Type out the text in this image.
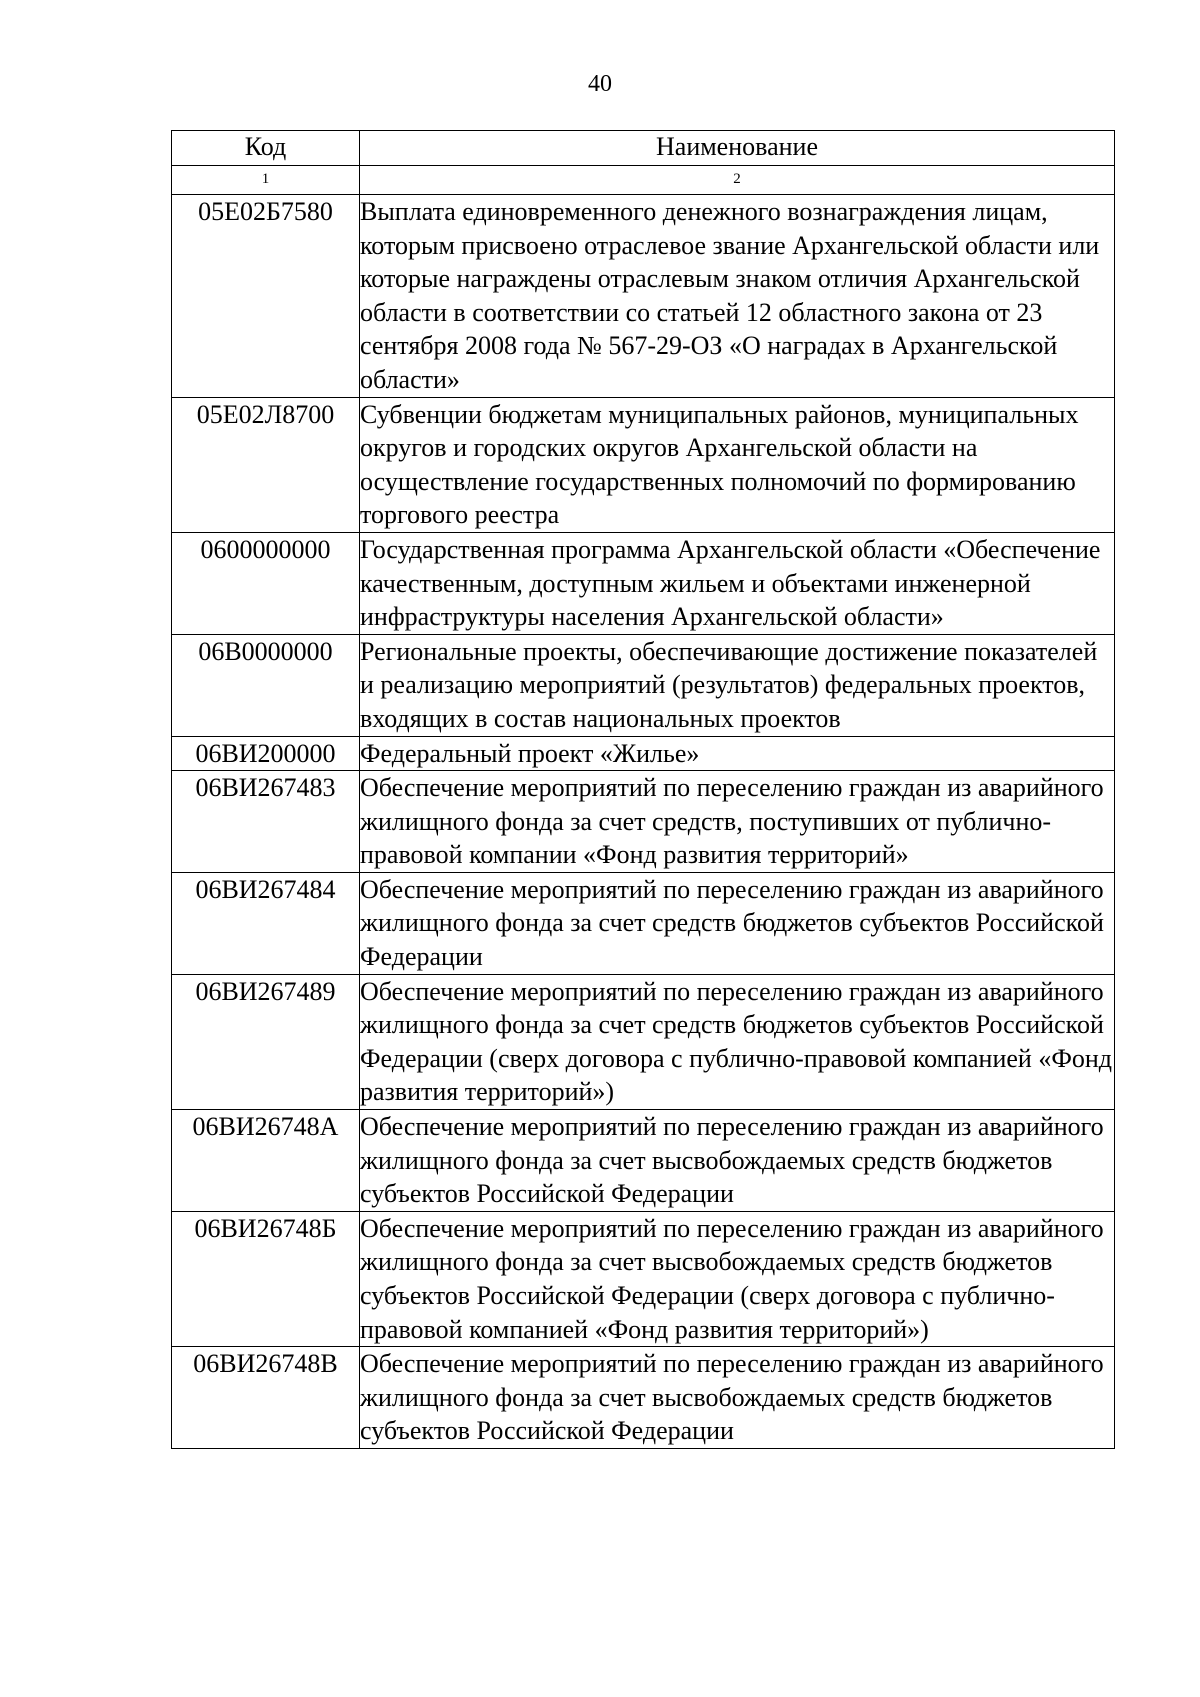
40
Код	Наименование
1	2
05Е02Б7580	Выплата единовременного денежного вознаграждения лицам, которым присвоено отраслевое звание Архангельской области или которые награждены отраслевым знаком отличия Архангельской области в соответствии со статьей 12 областного закона от 23 сентября 2008 года № 567-29-ОЗ «О наградах в Архангельской области»
05Е02Л8700	Субвенции бюджетам муниципальных районов, муниципальных округов и городских округов Архангельской области на осуществление государственных полномочий по формированию торгового реестра
0600000000	Государственная программа Архангельской области «Обеспечение качественным, доступным жильем и объектами инженерной инфраструктуры населения Архангельской области»
06В0000000	Региональные проекты, обеспечивающие достижение показателей и реализацию мероприятий (результатов) федеральных проектов, входящих в состав национальных проектов
06ВИ200000	Федеральный проект «Жилье»
06ВИ267483	Обеспечение мероприятий по переселению граждан из аварийного жилищного фонда за счет средств, поступивших от публично-правовой компании «Фонд развития территорий»
06ВИ267484	Обеспечение мероприятий по переселению граждан из аварийного жилищного фонда за счет средств бюджетов субъектов Российской Федерации
06ВИ267489	Обеспечение мероприятий по переселению граждан из аварийного жилищного фонда за счет средств бюджетов субъектов Российской Федерации (сверх договора с публично-правовой компанией «Фонд развития территорий»)
06ВИ26748А	Обеспечение мероприятий по переселению граждан из аварийного жилищного фонда за счет высвобождаемых средств бюджетов субъектов Российской Федерации
06ВИ26748Б	Обеспечение мероприятий по переселению граждан из аварийного жилищного фонда за счет высвобождаемых средств бюджетов субъектов Российской Федерации (сверх договора с публично-правовой компанией «Фонд развития территорий»)
06ВИ26748В	Обеспечение мероприятий по переселению граждан из аварийного жилищного фонда за счет высвобождаемых средств бюджетов субъектов Российской Федерации
